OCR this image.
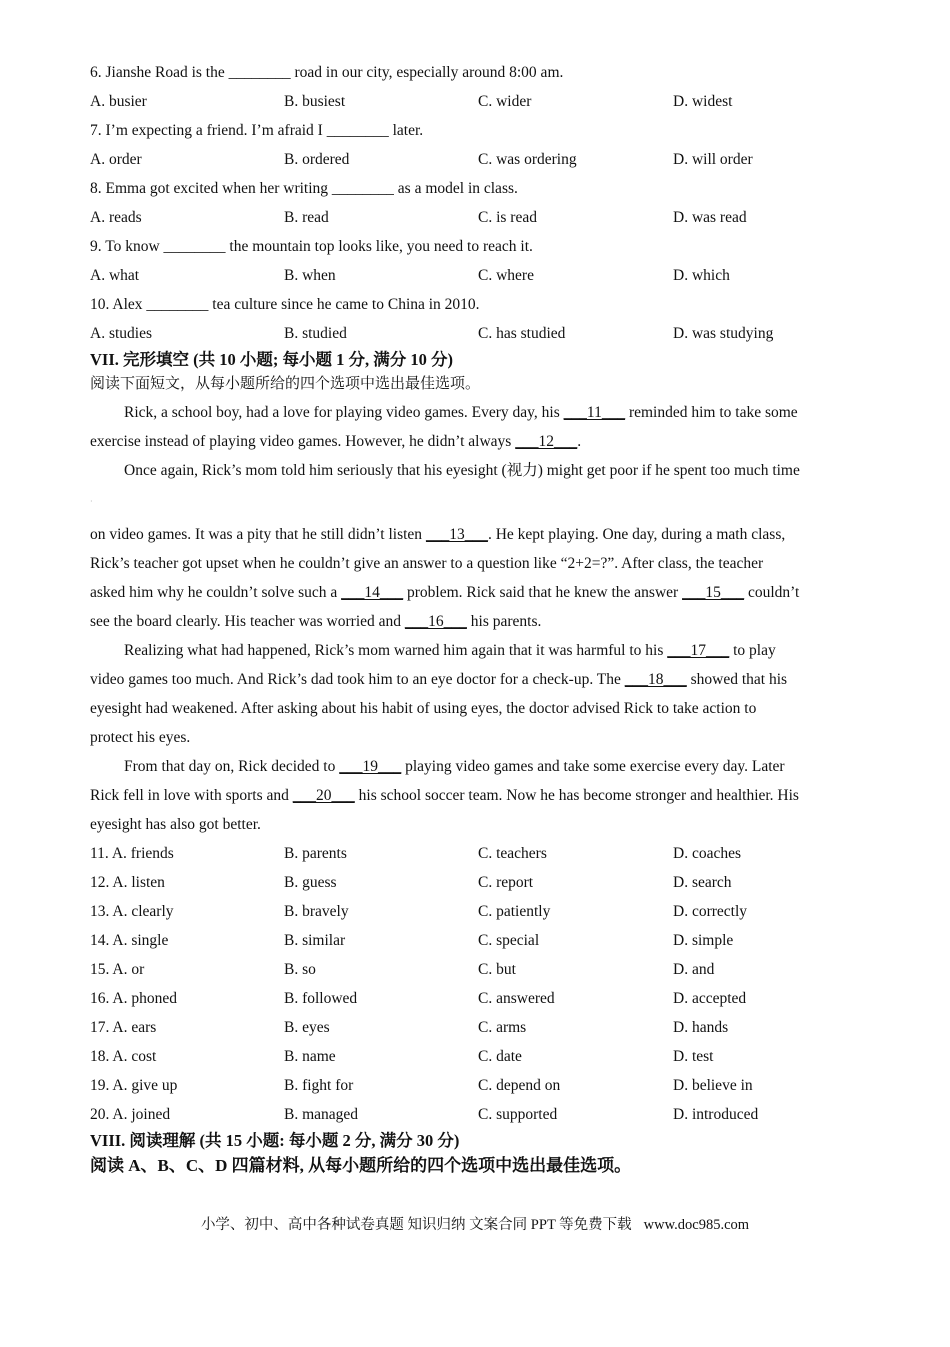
6. Jianshe Road is the ________ road in our city, especially around 8:00 am.
A. busier	B. busiest	C. wider	D. widest
7. I’m expecting a friend. I’m afraid I ________ later.
A. order	B. ordered	C. was ordering	D. will order
8. Emma got excited when her writing ________ as a model in class.
A. reads	B. read	C. is read	D. was read
9. To know ________ the mountain top looks like, you need to reach it.
A. what	B. when	C. where	D. which
10. Alex ________ tea culture since he came to China in 2010.
A. studies	B. studied	C. has studied	D. was studying
VII. 完形填空 (共 10 小题; 每小题 1 分, 满分 10 分)
阅读下面短文，从每小题所给的四个选项中选出最佳选项。
Rick, a school boy, had a love for playing video games. Every day, his ___11___ reminded him to take some
exercise instead of playing video games. However, he didn’t always ___12___.
Once again, Rick’s mom told him seriously that his eyesight (视力) might get poor if he spent too much time
·
on video games. It was a pity that he still didn’t listen ___13___. He kept playing. One day, during a math class,
Rick’s teacher got upset when he couldn’t give an answer to a question like “2+2=?”. After class, the teacher
asked him why he couldn’t solve such a ___14___ problem. Rick said that he knew the answer ___15___ couldn’t
see the board clearly. His teacher was worried and ___16___ his parents.
Realizing what had happened, Rick’s mom warned him again that it was harmful to his ___17___ to play
video games too much. And Rick’s dad took him to an eye doctor for a check-up. The ___18___ showed that his
eyesight had weakened. After asking about his habit of using eyes, the doctor advised Rick to take action to
protect his eyes.
From that day on, Rick decided to ___19___ playing video games and take some exercise every day. Later
Rick fell in love with sports and ___20___ his school soccer team. Now he has become stronger and healthier. His
eyesight has also got better.
11. A. friends	B. parents	C. teachers	D. coaches
12. A. listen	B. guess	C. report	D. search
13. A. clearly	B. bravely	C. patiently	D. correctly
14. A. single	B. similar	C. special	D. simple
15. A. or	B. so	C. but	D. and
16. A. phoned	B. followed	C. answered	D. accepted
17. A. ears	B. eyes	C. arms	D. hands
18. A. cost	B. name	C. date	D. test
19. A. give up	B. fight for	C. depend on	D. believe in
20. A. joined	B. managed	C. supported	D. introduced
VIII. 阅读理解 (共 15 小题: 每小题 2 分, 满分 30 分)
阅读 A、B、C、D 四篇材料, 从每小题所给的四个选项中选出最佳选项。
小学、初中、高中各种试卷真题 知识归纳 文案合同 PPT 等免费下载 www.doc985.com
